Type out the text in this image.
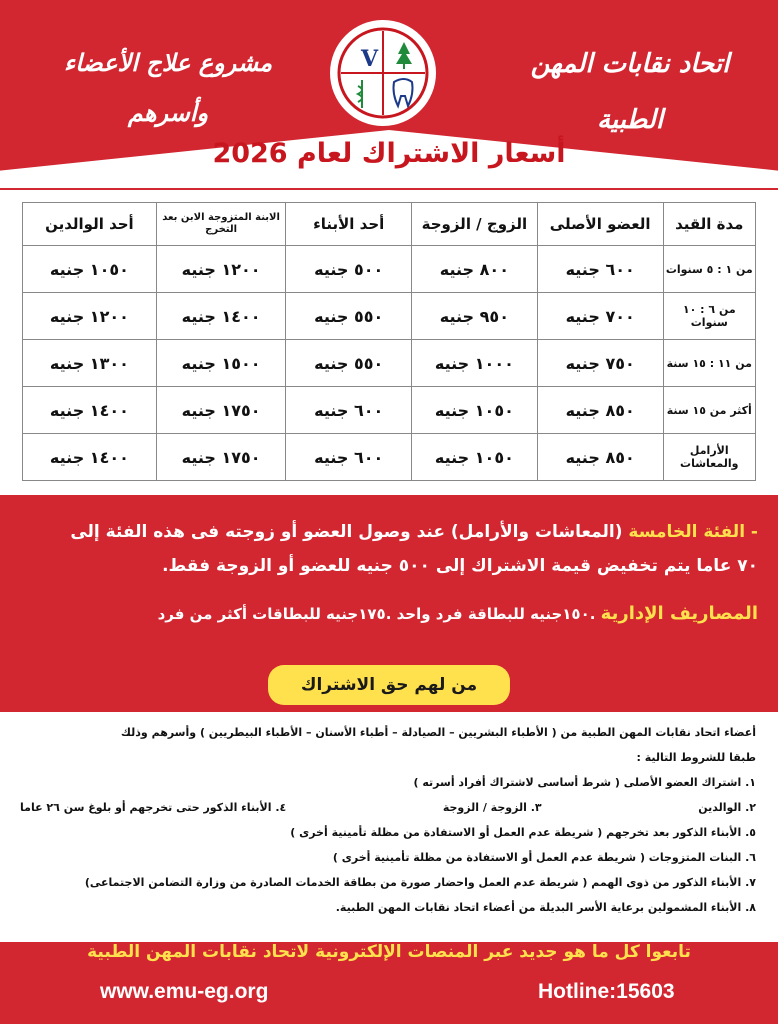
مشروع علاج الأعضاء وأسرهم
اتحاد نقابات المهن الطبية
V
أسعار الاشتراك لعام 2026
مدة القيد	العضو الأصلى	الزوج / الزوجة	أحد الأبناء	الابنة المتزوجة الابن بعد التخرج	أحد الوالدين
من ١ : ٥ سنوات	٦٠٠ جنيه	٨٠٠ جنيه	٥٠٠ جنيه	١٢٠٠ جنيه	١٠٥٠ جنيه
من ٦ : ١٠ سنوات	٧٠٠ جنيه	٩٥٠ جنيه	٥٥٠ جنيه	١٤٠٠ جنيه	١٢٠٠ جنيه
من ١١ : ١٥ سنة	٧٥٠ جنيه	١٠٠٠ جنيه	٥٥٠ جنيه	١٥٠٠ جنيه	١٣٠٠ جنيه
أكثر من ١٥ سنة	٨٥٠ جنيه	١٠٥٠ جنيه	٦٠٠ جنيه	١٧٥٠ جنيه	١٤٠٠ جنيه
الأرامل والمعاشات	٨٥٠ جنيه	١٠٥٠ جنيه	٦٠٠ جنيه	١٧٥٠ جنيه	١٤٠٠ جنيه
- الفئة الخامسة (المعاشات والأرامل) عند وصول العضو أو زوجته فى هذه الفئة إلى
٧٠ عاما يتم تخفيض قيمة الاشتراك إلى ٥٠٠ جنيه للعضو أو الزوجة فقط.
المصاريف الإدارية .١٥٠جنيه للبطاقة فرد واحد .١٧٥جنيه للبطاقات أكثر من فرد
من لهم حق الاشتراك
أعضاء اتحاد نقابات المهن الطبية من ( الأطباء البشريين – الصيادلة – أطباء الأسنان – الأطباء البيطريين ) وأسرهم وذلك
طبقا للشروط التالية :
١. اشتراك العضو الأصلى ( شرط أساسى لاشتراك أفراد أسرته )
٢. الوالدين
٣. الزوجة / الزوجة
٤. الأبناء الذكور حتى تخرجهم أو بلوغ سن ٢٦ عاما
٥. الأبناء الذكور بعد تخرجهم ( شريطة عدم العمل أو الاستفادة من مظلة تأمينية أخرى )
٦. البنات المتزوجات ( شريطة عدم العمل أو الاستفادة من مظلة تأمينية أخرى )
٧. الأبناء الذكور من ذوى الهمم ( شريطة عدم العمل واحضار صورة من بطاقة الخدمات الصادرة من وزارة التضامن الاجتماعى)
٨. الأبناء المشمولين برعاية الأسر البديلة من أعضاء اتحاد نقابات المهن الطبية.
تابعوا كل ما هو جديد عبر المنصات الإلكترونية لاتحاد نقابات المهن الطبية
www.emu-eg.org	Hotline:15603
